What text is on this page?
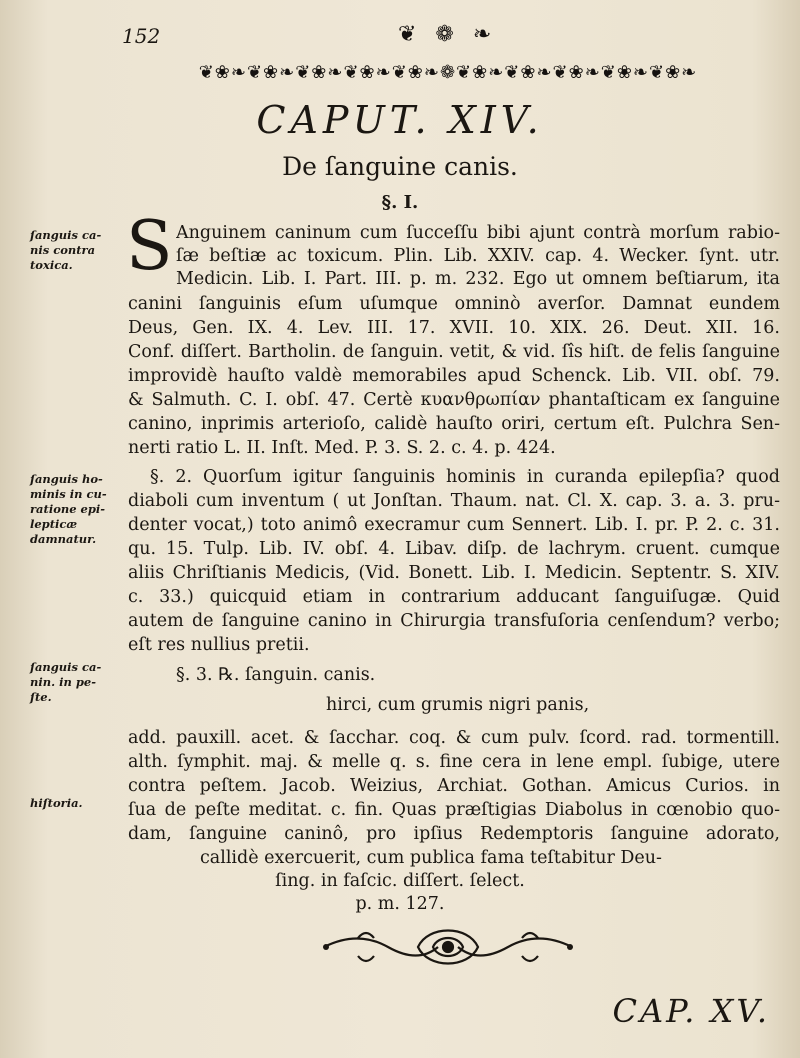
152	❦ ❁ ❧
❦❀❧❦❀❧❦❀❧❦❀❧❦❀❧❁❦❀❧❦❀❧❦❀❧❦❀❧❦❀❧
CAPUT. XIV.
De ſanguine canis.
§. I.
ſanguis ca-
nis contra
toxica.
ſanguis ho-
minis in cu-
ratione epi-
lepticæ
damnatur.
ſanguis ca-
nin. in pe-
ſte.
hiſtoria.
S Anguinem caninum cum ſucceſſu bibi ajunt contrà morſum rabio-
ſæ beſtiæ ac toxicum. Plin. Lib. XXIV. cap. 4. Wecker. ſynt. utr.
Medicin. Lib. I. Part. III. p. m. 232. Ego ut omnem beſtiarum, ita
canini ſanguinis eſum uſumque omninò averſor. Damnat eundem
Deus, Gen. IX. 4. Lev. III. 17. XVII. 10. XIX. 26. Deut. XII. 16.
Conf. diſſert. Bartholin. de ſanguin. vetit, & vid. ſîs hiſt. de felis ſanguine
improvidè hauſto valdè memorabiles apud Schenck. Lib. VII. obſ. 79.
& Salmuth. C. I. obſ. 47. Certè κυανθρωπίαν phantaſticam ex ſanguine
canino, inprimis arterioſo, calidè hauſto oriri, certum eſt. Pulchra Sen-
nerti ratio L. II. Inſt. Med. P. 3. S. 2. c. 4. p. 424.
§. 2. Quorſum igitur ſanguinis hominis in curanda epilepſia? quod
diaboli cum inventum ( ut Jonſtan. Thaum. nat. Cl. X. cap. 3. a. 3. pru-
denter vocat,) toto animô execramur cum Sennert. Lib. I. pr. P. 2. c. 31.
qu. 15. Tulp. Lib. IV. obſ. 4. Libav. diſp. de lachrym. cruent. cumque
aliis Chriſtianis Medicis, (Vid. Bonett. Lib. I. Medicin. Septentr. S. XIV.
c. 33.) quicquid etiam in contrarium adducant ſanguiſugæ. Quid
autem de ſanguine canino in Chirurgia transfuſoria cenſendum? verbo;
eſt res nullius pretii.
§. 3. ℞. ſanguin. canis.
hirci, cum grumis nigri panis,
add. pauxill. acet. & ſacchar. coq. & cum pulv. ſcord. rad. tormentill.
alth. ſymphit. maj. & melle q. s. fine cera in lene empl. ſubige, utere
contra peſtem. Jacob. Weizius, Archiat. Gothan. Amicus Curios. in
ſua de peſte meditat. c. fin. Quas præſtigias Diabolus in cœnobio quo-
dam, ſanguine caninô, pro ipſius Redemptoris ſanguine adorato,
callidè exercuerit, cum publica fama teſtabitur Deu-
ſing. in faſcic. diſſert. ſelect.
p. m. 127.
CAP. XV.
